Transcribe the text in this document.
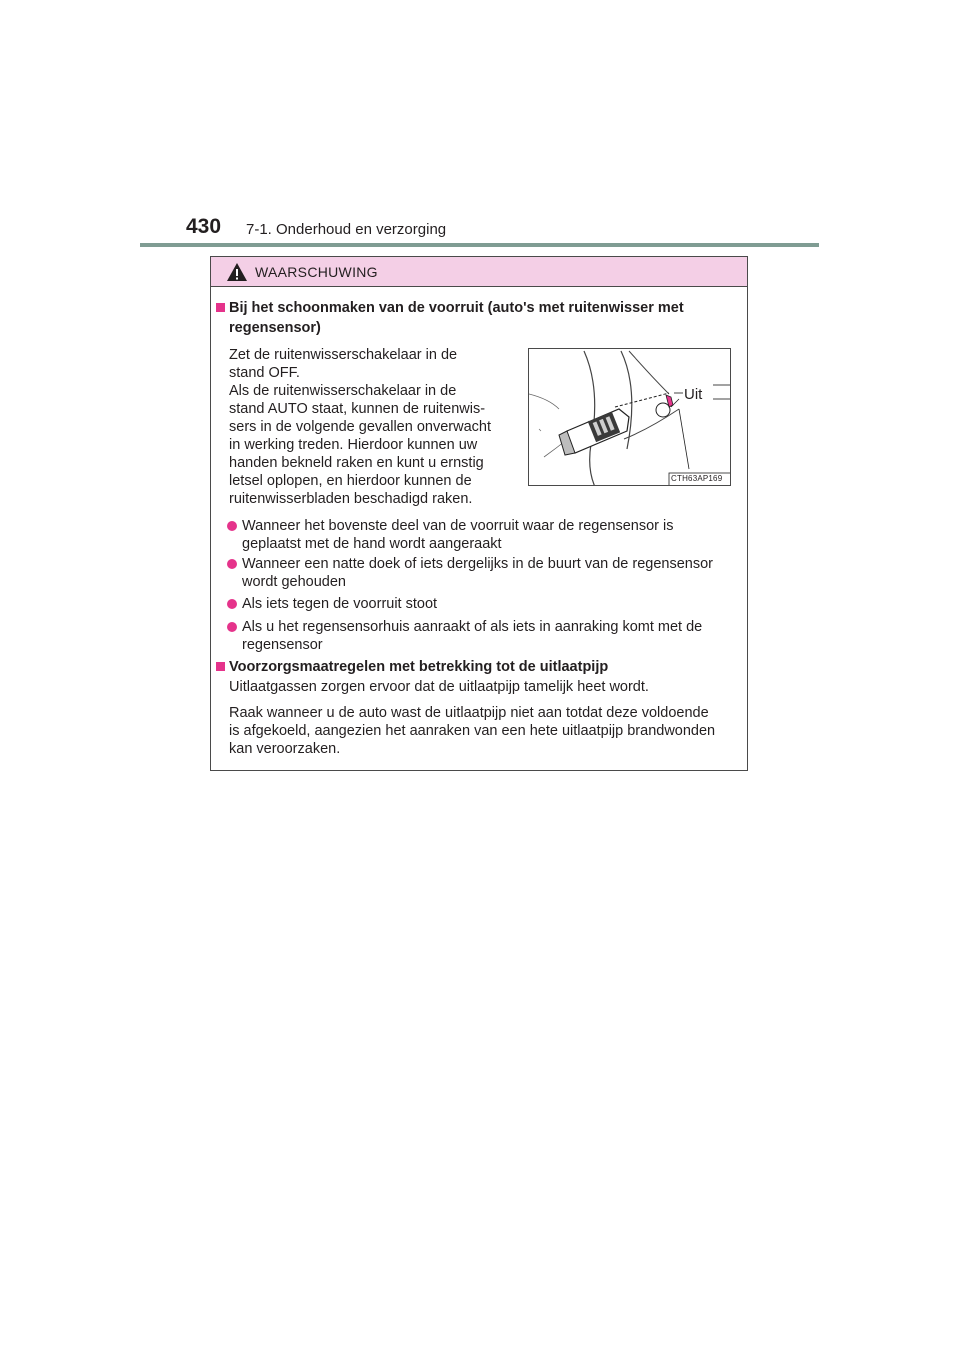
430 7-1. Onderhoud en verzorging
WAARSCHUWING
Bij het schoonmaken van de voorruit (auto's met ruitenwisser met
regensensor)
Zet de ruitenwisserschakelaar in de
stand OFF.
Als de ruitenwisserschakelaar in de
stand AUTO staat, kunnen de ruitenwis-
sers in de volgende gevallen onverwacht
in werking treden. Hierdoor kunnen uw
handen bekneld raken en kunt u ernstig
letsel oplopen, en hierdoor kunnen de
ruitenwisserbladen beschadigd raken.
Uit
CTH63AP169
Wanneer het bovenste deel van de voorruit waar de regensensor is
geplaatst met de hand wordt aangeraakt
Wanneer een natte doek of iets dergelijks in de buurt van de regensensor
wordt gehouden
Als iets tegen de voorruit stoot
Als u het regensensorhuis aanraakt of als iets in aanraking komt met de
regensensor
Voorzorgsmaatregelen met betrekking tot de uitlaatpijp
Uitlaatgassen zorgen ervoor dat de uitlaatpijp tamelijk heet wordt.
Raak wanneer u de auto wast de uitlaatpijp niet aan totdat deze voldoende
is afgekoeld, aangezien het aanraken van een hete uitlaatpijp brandwonden
kan veroorzaken.
